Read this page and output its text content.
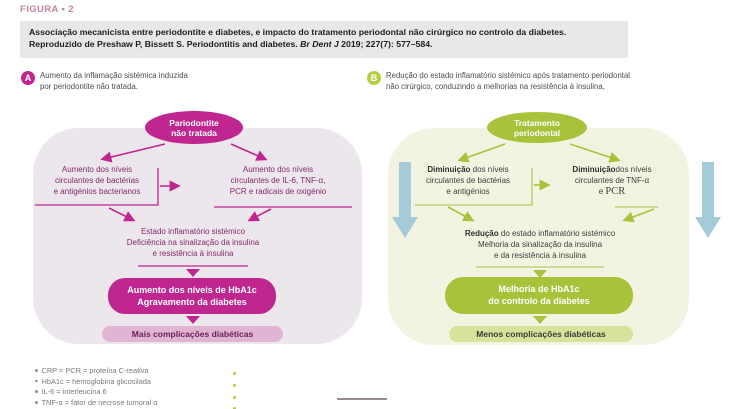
FIGURA • 2
Associação mecanicista entre periodontite e diabetes, e impacto do tratamento periodontal não cirúrgico no controlo da diabetes. Reproduzido de Preshaw P, Bissett S. Periodontitis and diabetes. Br Dent J 2019; 227(7): 577–584.
A	Aumento da inflamação sistémica induzida
por periodontite não tratada.
B	Redução do estado inflamatório sistémico após tratamento periodontal
não cirúrgico, conduzindo a melhorias na resistência à insulina,
Pariodontite
não tratada
Aumento dos níveis
circulantes de bactérias
e antigénios bacterianos
Aumento dos níveis
circulantes de IL-6, TNF-α,
PCR e radicais de oxigénio
Estado inflamatório sistémico
Deficiência na sinalização da insulina
e resistência à insulina
Aumento dos níveis de HbA1c
Agravamento da diabetes
Mais complicações diabéticas
Tratamento
periodontal
Diminuição dos níveis
circulantes de bactérias
e antigénios
Diminuiçãodos níveis
circulantes de TNF-α
e PCR
Redução do estado inflamatório sistémico
Melhoria da sinalização da insulina
e da resistência à insulina
Melhoria de HbA1c
do controlo da diabetes
Menos complicações diabéticas
CRP = PCR = proteína C-reativa
HbA1c = hemoglobina glicosilada
IL-6 = interleucina 6
TNF-α = fator de necrose tumoral α
